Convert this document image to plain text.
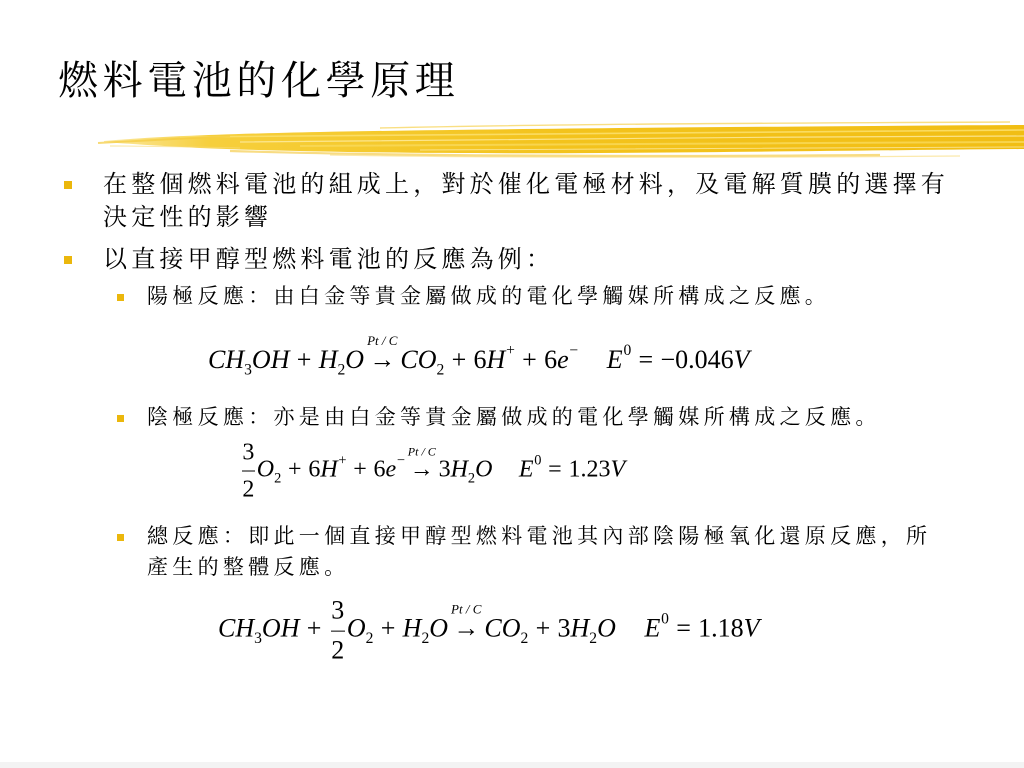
燃料電池的化學原理
在整個燃料電池的組成上，對於催化電極材料，及電解質膜的選擇有
決定性的影響
以直接甲醇型燃料電池的反應為例：
陽極反應：由白金等貴金屬做成的電化學觸媒所構成之反應。
$CH_3OH + H_2O$
Pt / C
→ $CO_2 + 6H^+ + 6e^-$ $E^0 = -0.046V$
陰極反應：亦是由白金等貴金屬做成的電化學觸媒所構成之反應。
$\frac{3}{2} O_2 + 6H^+ + 6e^-$
Pt / C
→ $3H_2O$ $E^0 = 1.23V$
總反應：即此一個直接甲醇型燃料電池其內部陰陽極氧化還原反應，所
產生的整體反應。
$CH_3OH + \frac{3}{2} O_2 + H_2O$
Pt / C
→ $CO_2 + 3H_2O$ $E^0 = 1.18V$
